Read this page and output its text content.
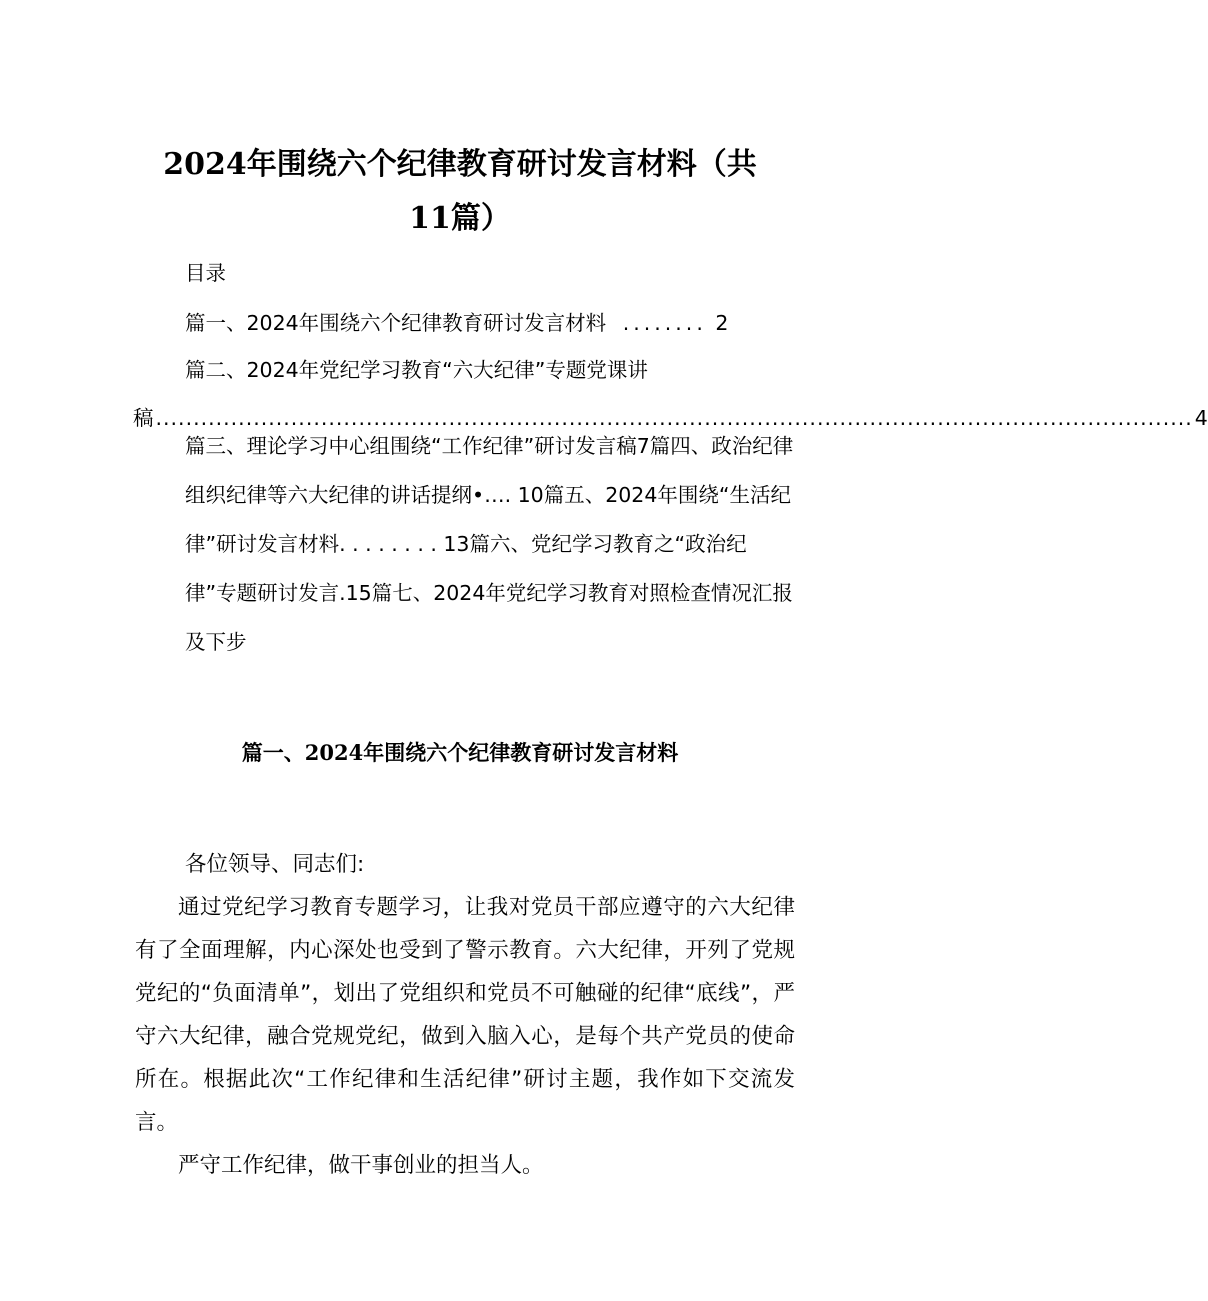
2024年围绕六个纪律教育研讨发言材料（共
11篇）
目录
篇一、2024年围绕六个纪律教育研讨发言材料 ........ 2
篇二、2024年党纪学习教育“六大纪律”专题党课讲
稿 .......................................................................................................................................... 4

篇三、理论学习中心组围绕“工作纪律”研讨发言稿7篇四、政治纪律组织纪律等六大纪律的讲话提纲•…. 10篇五、2024年围绕“生活纪律”研讨发言材料. . . . . . . . 13篇六、党纪学习教育之“政治纪律”专题研讨发言.15篇七、2024年党纪学习教育对照检查情况汇报及下步

篇一、2024年围绕六个纪律教育研讨发言材料

各位领导、同志们:

通过党纪学习教育专题学习，让我对党员干部应遵守的六大纪律有了全面理解，内心深处也受到了警示教育。六大纪律，开列了党规党纪的“负面清单”，划出了党组织和党员不可触碰的纪律“底线”，严守六大纪律，融合党规党纪，做到入脑入心，是每个共产党员的使命所在。根据此次“工作纪律和生活纪律”研讨主题，我作如下交流发言。

严守工作纪律，做干事创业的担当人。
